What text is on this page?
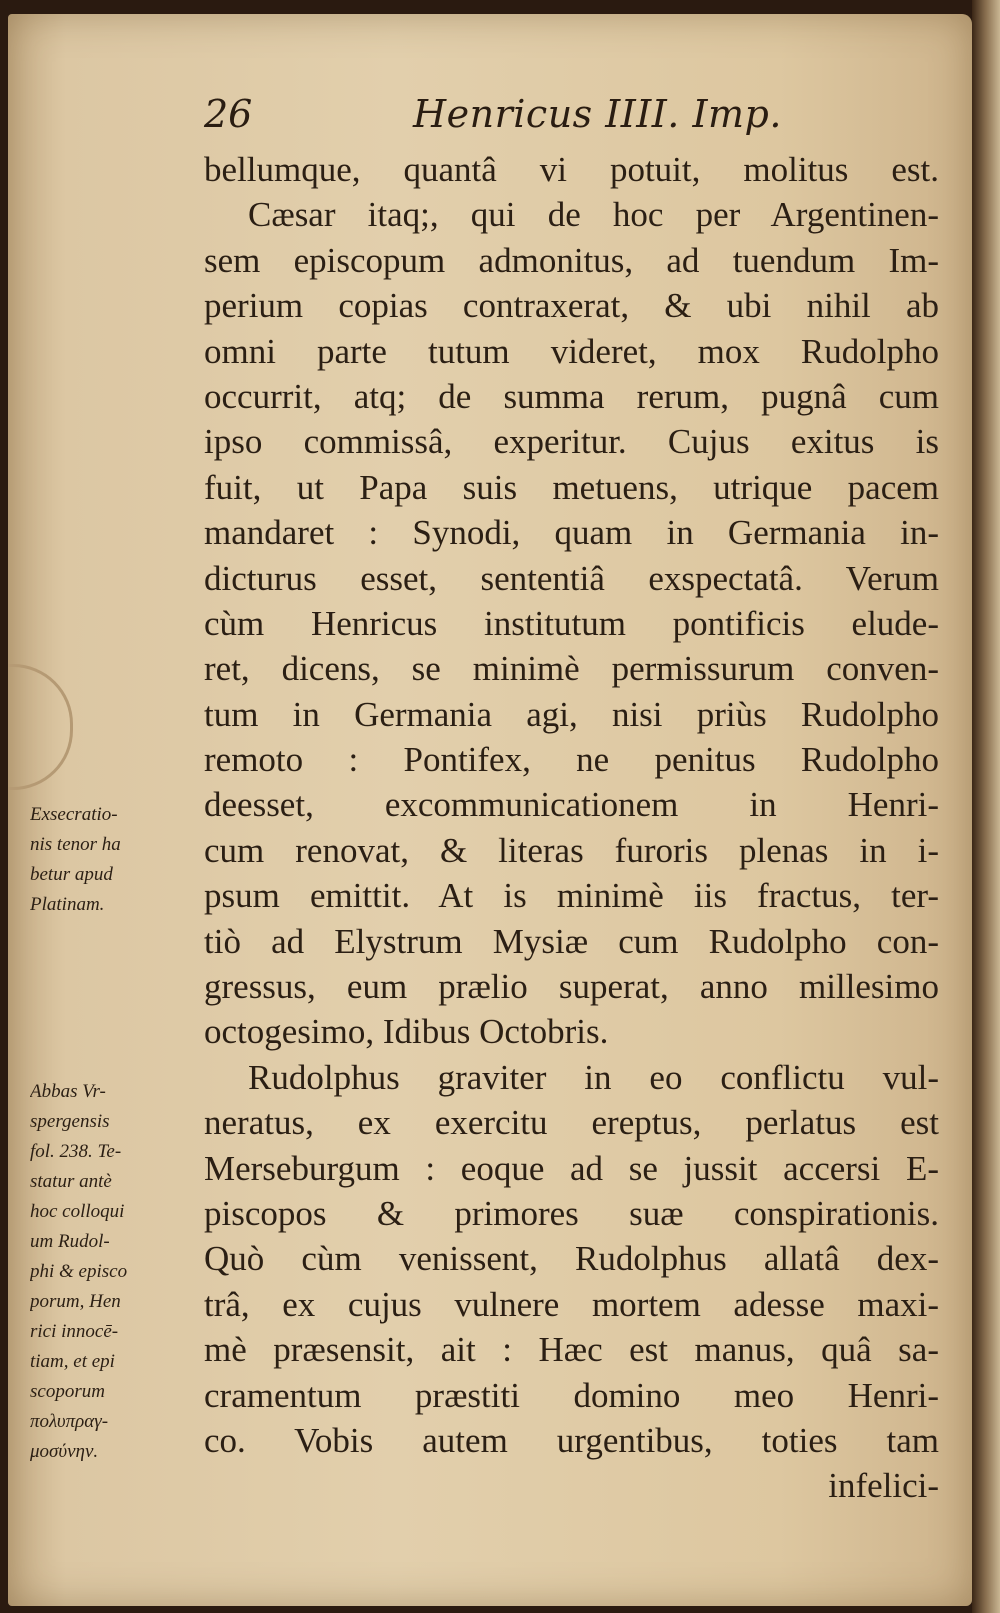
26	Henricus IIII. Imp.
bellumque, quantâ vi potuit, molitus est.
Cæsar itaq;, qui de hoc per Argentinen-
sem episcopum admonitus, ad tuendum Im-
perium copias contraxerat, & ubi nihil ab
omni parte tutum videret, mox Rudolpho
occurrit, atq; de summa rerum, pugnâ cum
ipso commissâ, experitur. Cujus exitus is
fuit, ut Papa suis metuens, utrique pacem
mandaret : Synodi, quam in Germania in-
dicturus esset, sententiâ exspectatâ. Verum
cùm Henricus institutum pontificis elude-
ret, dicens, se minimè permissurum conven-
tum in Germania agi, nisi priùs Rudolpho
remoto : Pontifex, ne penitus Rudolpho
deesset, excommunicationem in Henri-
cum renovat, & literas furoris plenas in i-
psum emittit. At is minimè iis fractus, ter-
tiò ad Elystrum Mysiæ cum Rudolpho con-
gressus, eum prælio superat, anno millesimo
octogesimo, Idibus Octobris.
Rudolphus graviter in eo conflictu vul-
neratus, ex exercitu ereptus, perlatus est
Merseburgum : eoque ad se jussit accersi E-
piscopos & primores suæ conspirationis.
Quò cùm venissent, Rudolphus allatâ dex-
trâ, ex cujus vulnere mortem adesse maxi-
mè præsensit, ait : Hæc est manus, quâ sa-
cramentum præstiti domino meo Henri-
co. Vobis autem urgentibus, toties tam
infelici-
Exsecratio-
nis tenor ha
betur apud
Platinam.
Abbas Vr-
spergensis
fol. 238. Te-
statur antè
hoc colloqui
um Rudol-
phi & episco
porum, Hen
rici innocē-
tiam, et epi
scoporum
πολυπραγ-
μοσύνην.
